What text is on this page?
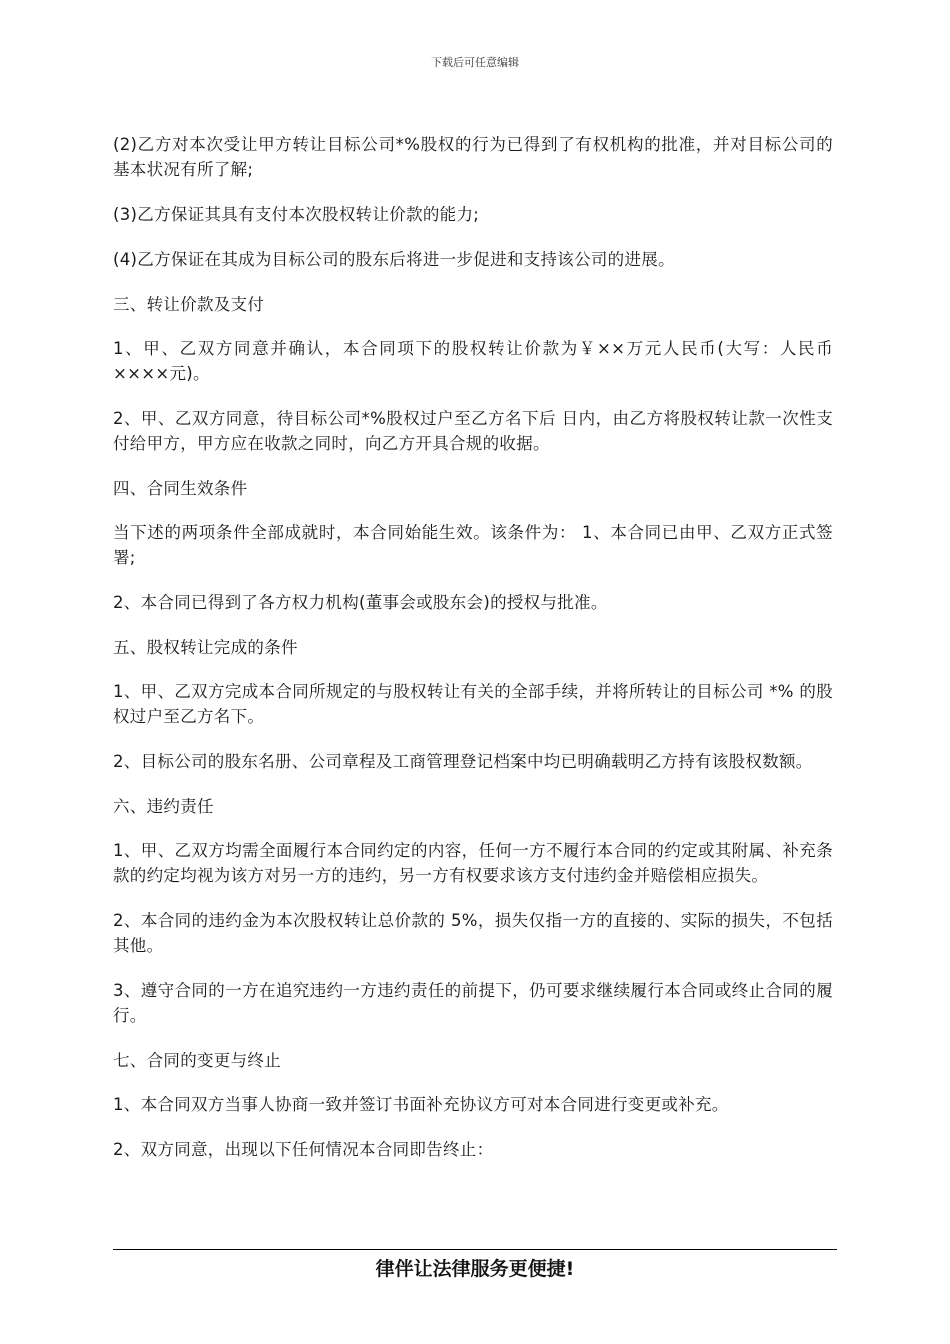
下载后可任意编辑

(2)乙方对本次受让甲方转让目标公司*%股权的行为已得到了有权机构的批准，并对目标公司的基本状况有所了解;

(3)乙方保证其具有支付本次股权转让价款的能力;

(4)乙方保证在其成为目标公司的股东后将进一步促进和支持该公司的进展。

三、转让价款及支付

1、甲、乙双方同意并确认，本合同项下的股权转让价款为￥××万元人民币(大写：人民币××××元)。

2、甲、乙双方同意，待目标公司*%股权过户至乙方名下后 日内，由乙方将股权转让款一次性支付给甲方，甲方应在收款之同时，向乙方开具合规的收据。

四、合同生效条件

当下述的两项条件全部成就时，本合同始能生效。该条件为： 1、本合同已由甲、乙双方正式签署;

2、本合同已得到了各方权力机构(董事会或股东会)的授权与批准。

五、股权转让完成的条件

1、甲、乙双方完成本合同所规定的与股权转让有关的全部手续，并将所转让的目标公司 *% 的股权过户至乙方名下。

2、目标公司的股东名册、公司章程及工商管理登记档案中均已明确载明乙方持有该股权数额。

六、违约责任

1、甲、乙双方均需全面履行本合同约定的内容，任何一方不履行本合同的约定或其附属、补充条款的约定均视为该方对另一方的违约，另一方有权要求该方支付违约金并赔偿相应损失。

2、本合同的违约金为本次股权转让总价款的 5%，损失仅指一方的直接的、实际的损失，不包括其他。

3、遵守合同的一方在追究违约一方违约责任的前提下，仍可要求继续履行本合同或终止合同的履行。

七、合同的变更与终止

1、本合同双方当事人协商一致并签订书面补充协议方可对本合同进行变更或补充。

2、双方同意，出现以下任何情况本合同即告终止：

律伴让法律服务更便捷!
